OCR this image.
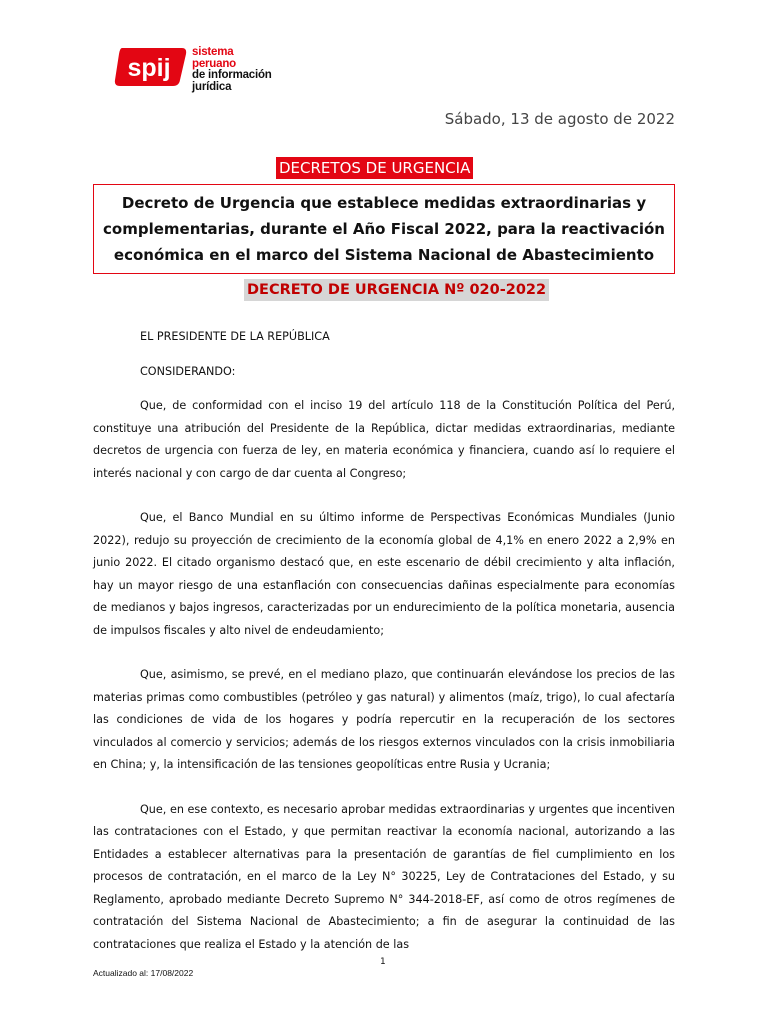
spij
sistema
peruano
de información
jurídica
Sábado, 13 de agosto de 2022
DECRETOS DE URGENCIA

Decreto de Urgencia que establece medidas extraordinarias y complementarias, durante el Año Fiscal 2022, para la reactivación económica en el marco del Sistema Nacional de Abastecimiento

DECRETO DE URGENCIA Nº 020-2022

EL PRESIDENTE DE LA REPÚBLICA

CONSIDERANDO:

Que, de conformidad con el inciso 19 del artículo 118 de la Constitución Política del Perú, constituye una atribución del Presidente de la República, dictar medidas extraordinarias, mediante decretos de urgencia con fuerza de ley, en materia económica y financiera, cuando así lo requiere el interés nacional y con cargo de dar cuenta al Congreso;

Que, el Banco Mundial en su último informe de Perspectivas Económicas Mundiales (Junio 2022), redujo su proyección de crecimiento de la economía global de 4,1% en enero 2022 a 2,9% en junio 2022. El citado organismo destacó que, en este escenario de débil crecimiento y alta inflación, hay un mayor riesgo de una estanflación con consecuencias dañinas especialmente para economías de medianos y bajos ingresos, caracterizadas por un endurecimiento de la política monetaria, ausencia de impulsos fiscales y alto nivel de endeudamiento;

Que, asimismo, se prevé, en el mediano plazo, que continuarán elevándose los precios de las materias primas como combustibles (petróleo y gas natural) y alimentos (maíz, trigo), lo cual afectaría las condiciones de vida de los hogares y podría repercutir en la recuperación de los sectores vinculados al comercio y servicios; además de los riesgos externos vinculados con la crisis inmobiliaria en China; y, la intensificación de las tensiones geopolíticas entre Rusia y Ucrania;

Que, en ese contexto, es necesario aprobar medidas extraordinarias y urgentes que incentiven las contrataciones con el Estado, y que permitan reactivar la economía nacional, autorizando a las Entidades a establecer alternativas para la presentación de garantías de fiel cumplimiento en los procesos de contratación, en el marco de la Ley N° 30225, Ley de Contrataciones del Estado, y su Reglamento, aprobado mediante Decreto Supremo N° 344-2018-EF, así como de otros regímenes de contratación del Sistema Nacional de Abastecimiento; a fin de asegurar la continuidad de las contrataciones que realiza el Estado y la atención de las

1
Actualizado al: 17/08/2022
